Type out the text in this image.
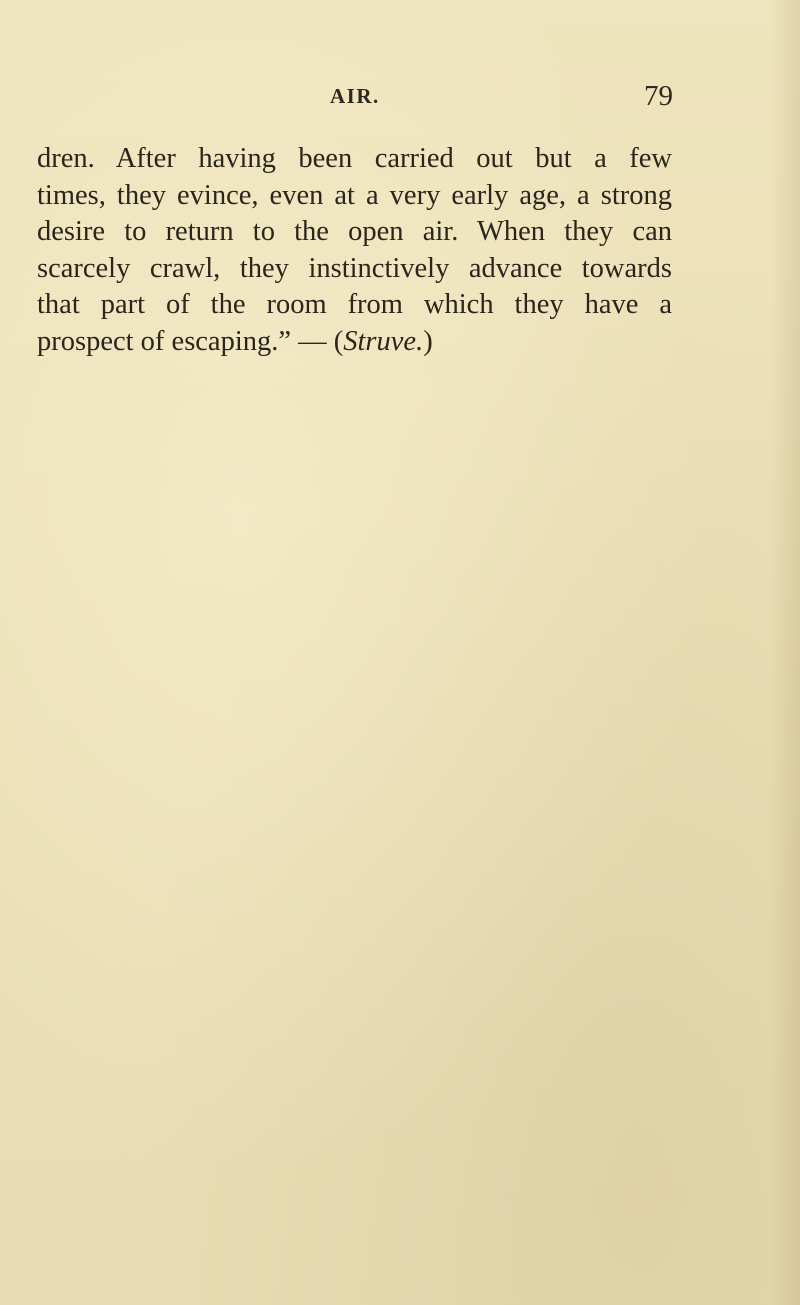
AIR.	79
dren. After having been carried out but a few
times, they evince, even at a very early age, a strong
desire to return to the open air. When they can
scarcely crawl, they instinctively advance towards
that part of the room from which they have a
prospect of escaping.” — (Struve.)
